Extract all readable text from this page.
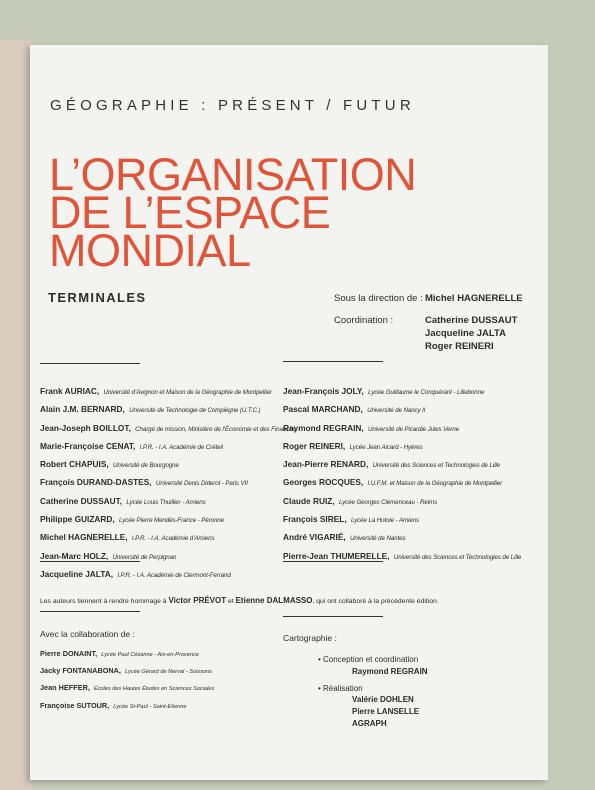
GÉOGRAPHIE : PRÉSENT / FUTUR
L’ORGANISATION
DE L’ESPACE
MONDIAL
TERMINALES	Sous la direction de : Michel HAGNERELLE
Coordination :	Catherine DUSSAUT
Jacqueline JALTA
Roger REINERI
Frank AURIAC, Université d’Avignon et Maison de la Géographie de Montpellier
Alain J.M. BERNARD, Université de Technologie de Compiègne (U.T.C.)
Jean-Joseph BOILLOT, Chargé de mission, Ministère de l’Économie et des Finances
Marie-Françoise CENAT, I.P.R. - I.A. Académie de Créteil
Robert CHAPUIS, Université de Bourgogne
François DURAND-DASTES, Université Denis Diderot - Paris VII
Catherine DUSSAUT, Lycée Louis Thuillier - Amiens
Philippe GUIZARD, Lycée Pierre Mendès-France - Péronne
Michel HAGNERELLE, I.P.R. - I.A. Académie d’Amiens
Jean-Marc HOLZ, Université de Perpignan
Jacqueline JALTA, I.P.R. - I.A. Académie de Clermont-Ferrand
Jean-François JOLY, Lycée Guillaume le Conquérant - Lillebonne
Pascal MARCHAND, Université de Nancy II
Raymond REGRAIN, Université de Picardie Jules Verne
Roger REINERI, Lycée Jean Aicard - Hyères
Jean-Pierre RENARD, Université des Sciences et Technologies de Lille
Georges ROCQUES, I.U.F.M. et Maison de la Géographie de Montpellier
Claude RUIZ, Lycée Georges Clémenceau - Reims
François SIREL, Lycée La Hotoie - Amiens
André VIGARIÉ, Université de Nantes
Pierre-Jean THUMERELLE, Université des Sciences et Technologies de Lille
Les auteurs tiennent à rendre hommage à Victor PRÉVOT et Etienne DALMASSO, qui ont collaboré à la précédente édition.
Avec la collaboration de :
Pierre DONAINT, Lycée Paul Cézanne - Aix-en-Provence
Jacky FONTANABONA, Lycée Gérard de Nerval - Soissons
Jean HEFFER, Écoles des Hautes Études en Sciences Sociales
Françoise SUTOUR, Lycée St-Paul - Saint-Étienne
Cartographie :
• Conception et coordination
Raymond REGRAIN
• Réalisation
Valérie DOHLEN
Pierre LANSELLE
AGRAPH
